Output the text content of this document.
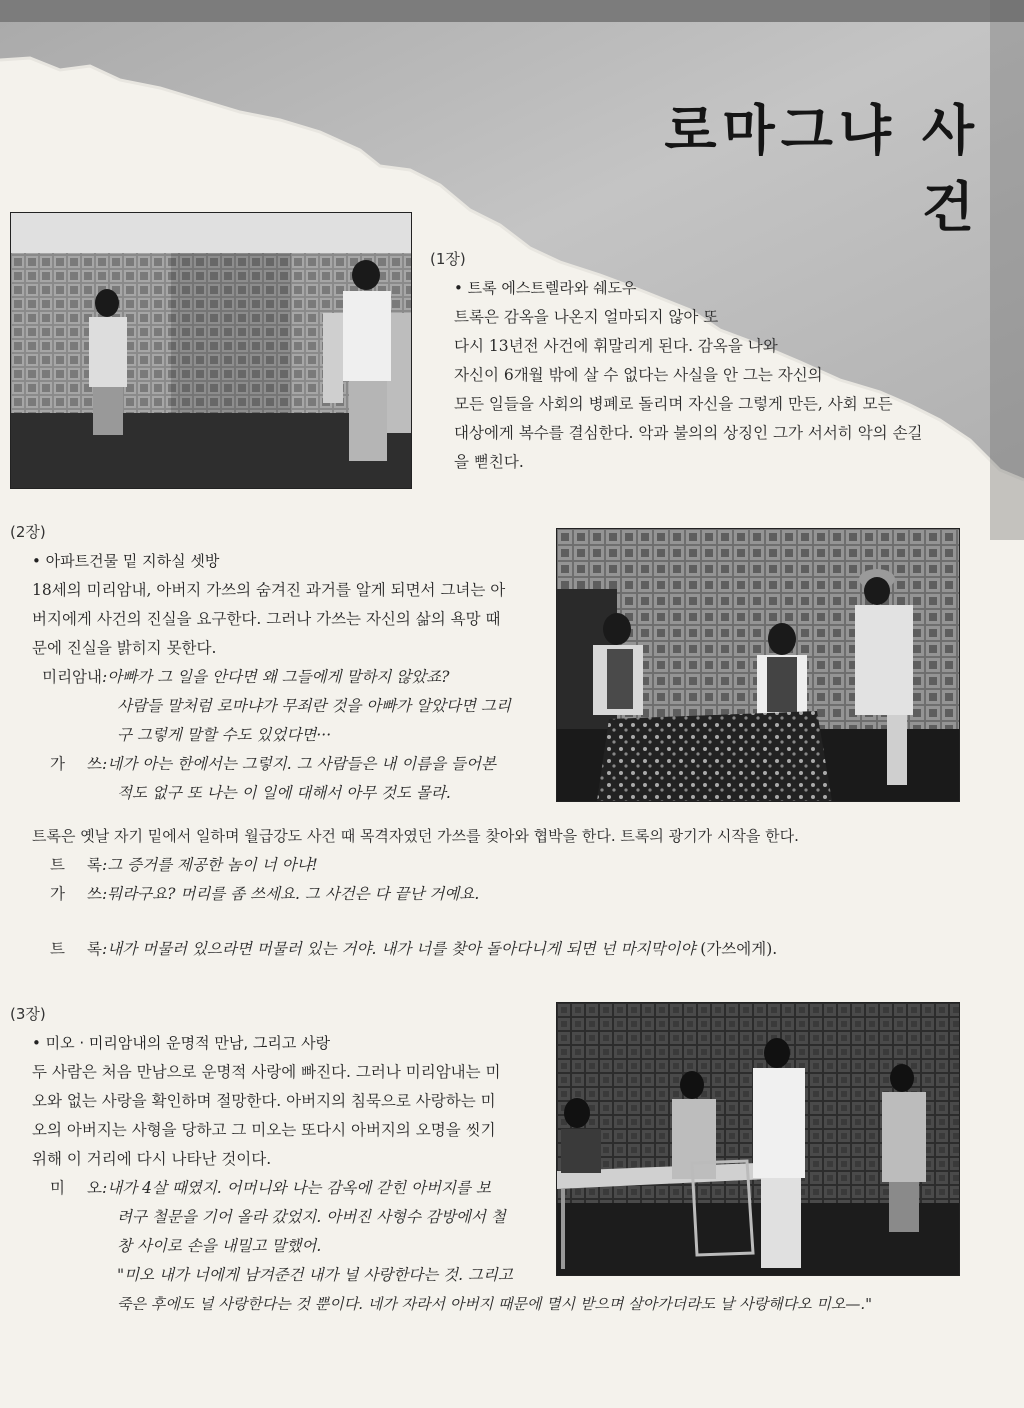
로마그냐 사건
(1장)
• 트록 에스트렐라와 쉐도우

트록은 감옥을 나온지 얼마되지 않아 또

다시 13년전 사건에 휘말리게 된다. 감옥을 나와

자신이 6개월 밖에 살 수 없다는 사실을 안 그는 자신의

모든 일들을 사회의 병폐로 돌리며 자신을 그렇게 만든, 사회 모든

대상에게 복수를 결심한다. 악과 불의의 상징인 그가 서서히 악의 손길

을 뻗친다.

(2장)
• 아파트건물 밑 지하실 셋방

18세의 미리암내, 아버지 가쓰의 숨겨진 과거를 알게 되면서 그녀는 아

버지에게 사건의 진실을 요구한다. 그러나 가쓰는 자신의 삶의 욕망 때

문에 진실을 밝히지 못한다.

미리암내 : 아빠가 그 일을 안다면 왜 그들에게 말하지 않았죠?
사람들 말처럼 로마냐가 무죄란 것을 아빠가 알았다면 그리
구 그렇게 말할 수도 있었다면···
가 쓰 : 네가 아는 한에서는 그렇지. 그 사람들은 내 이름을 들어본
적도 없구 또 나는 이 일에 대해서 아무 것도 몰라.

트록은 옛날 자기 밑에서 일하며 월급강도 사건 때 목격자였던 가쓰를 찾아와 협박을 한다. 트록의 광기가 시작을 한다.

트 록 : 그 증거를 제공한 놈이 너 아냐!
가 쓰 : 뭐라구요? 머리를 좀 쓰세요. 그 사건은 다 끝난 거예요.
트 록 : 내가 머물러 있으라면 머물러 있는 거야. 내가 너를 찾아 돌아다니게 되면 넌 마지막이야 (가쓰에게).
(3장)
• 미오 · 미리암내의 운명적 만남, 그리고 사랑

두 사람은 처음 만남으로 운명적 사랑에 빠진다. 그러나 미리암내는 미

오와 없는 사랑을 확인하며 절망한다. 아버지의 침묵으로 사랑하는 미

오의 아버지는 사형을 당하고 그 미오는 또다시 아버지의 오명을 씻기

위해 이 거리에 다시 나타난 것이다.

미 오 : 내가 4살 때였지. 어머니와 나는 감옥에 갇힌 아버지를 보
려구 철문을 기어 올라 갔었지. 아버진 사형수 감방에서 철
창 사이로 손을 내밀고 말했어.
"미오 내가 너에게 남겨준건 내가 널 사랑한다는 것. 그리고
죽은 후에도 널 사랑한다는 것 뿐이다. 네가 자라서 아버지 때문에 멸시 받으며 살아가더라도 날 사랑해다오 미오—."
